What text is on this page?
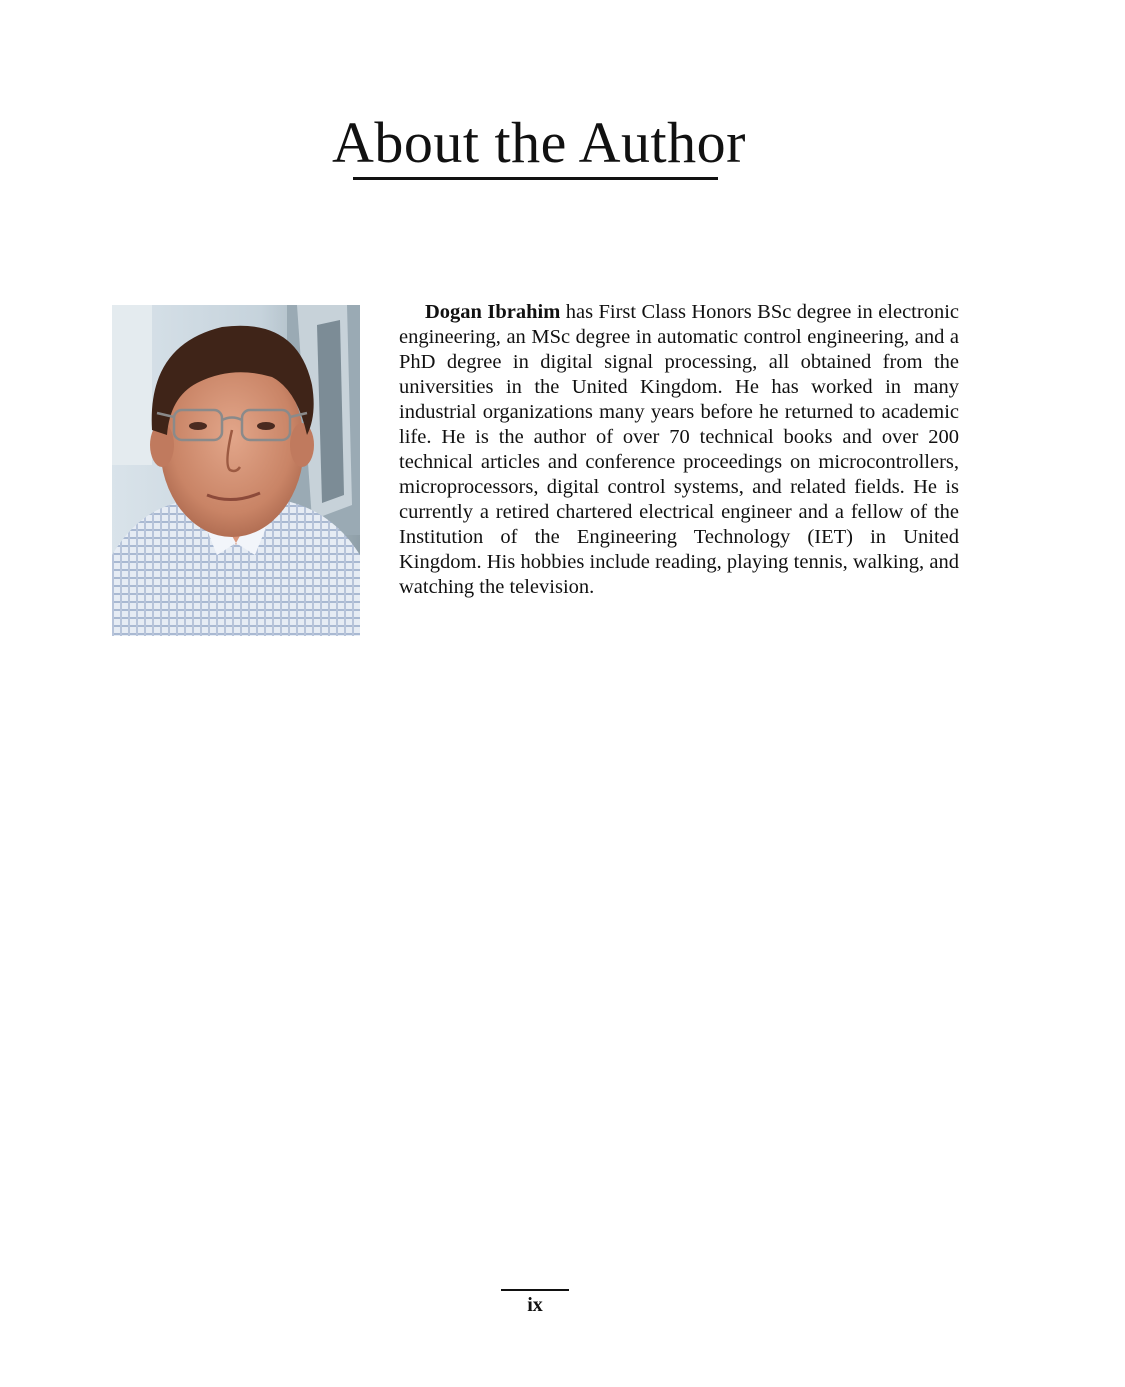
About the Author

Dogan Ibrahim has First Class Honors BSc degree in electronic engineering, an MSc degree in automatic control engineering, and a PhD degree in digital signal processing, all obtained from the universities in the United Kingdom. He has worked in many industrial organizations many years before he returned to academic life. He is the author of over 70 technical books and over 200 technical articles and conference proceedings on microcontrollers, microprocessors, digital control systems, and related fields. He is currently a retired chartered electrical engineer and a fellow of the Institution of the Engineering Technology (IET) in United Kingdom. His hobbies include reading, playing tennis, walking, and watching the television.

ix
